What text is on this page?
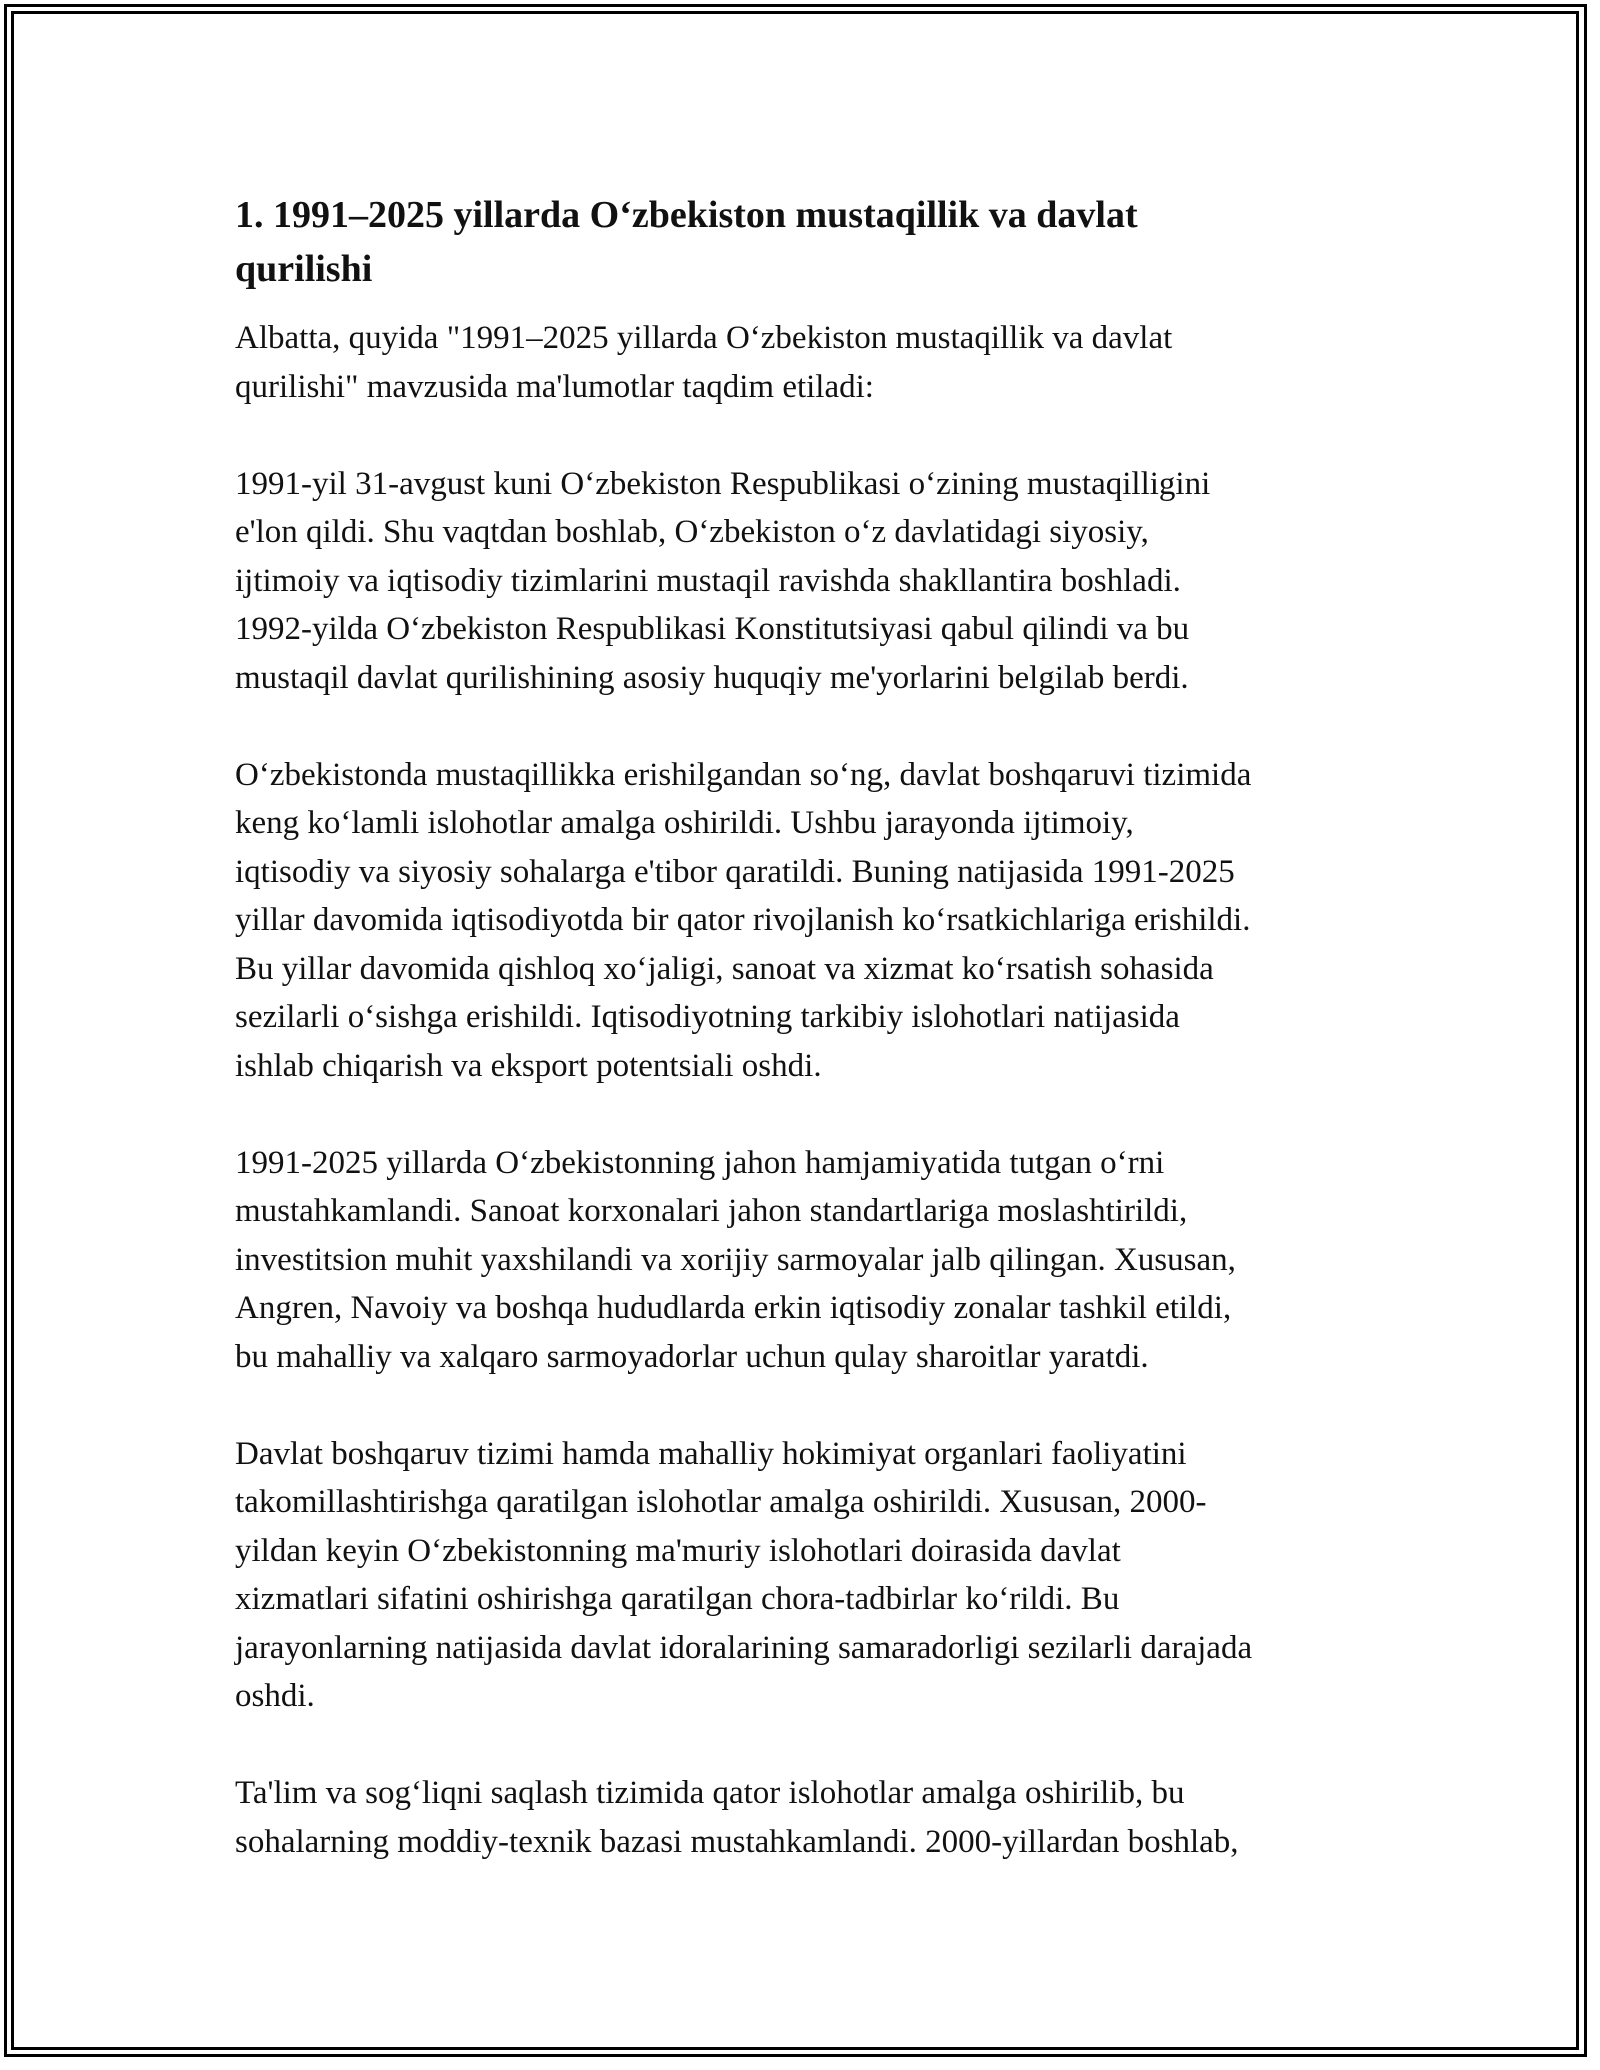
1. 1991–2025 yillarda O‘zbekiston mustaqillik va davlat
qurilishi

Albatta, quyida "1991–2025 yillarda O‘zbekiston mustaqillik va davlat
qurilishi" mavzusida ma'lumotlar taqdim etiladi:

1991-yil 31-avgust kuni O‘zbekiston Respublikasi o‘zining mustaqilligini
e'lon qildi. Shu vaqtdan boshlab, O‘zbekiston o‘z davlatidagi siyosiy,
ijtimoiy va iqtisodiy tizimlarini mustaqil ravishda shakllantira boshladi.
1992-yilda O‘zbekiston Respublikasi Konstitutsiyasi qabul qilindi va bu
mustaqil davlat qurilishining asosiy huquqiy me'yorlarini belgilab berdi.

O‘zbekistonda mustaqillikka erishilgandan so‘ng, davlat boshqaruvi tizimida
keng ko‘lamli islohotlar amalga oshirildi. Ushbu jarayonda ijtimoiy,
iqtisodiy va siyosiy sohalarga e'tibor qaratildi. Buning natijasida 1991-2025
yillar davomida iqtisodiyotda bir qator rivojlanish ko‘rsatkichlariga erishildi.
Bu yillar davomida qishloq xo‘jaligi, sanoat va xizmat ko‘rsatish sohasida
sezilarli o‘sishga erishildi. Iqtisodiyotning tarkibiy islohotlari natijasida
ishlab chiqarish va eksport potentsiali oshdi.

1991-2025 yillarda O‘zbekistonning jahon hamjamiyatida tutgan o‘rni
mustahkamlandi. Sanoat korxonalari jahon standartlariga moslashtirildi,
investitsion muhit yaxshilandi va xorijiy sarmoyalar jalb qilingan. Xususan,
Angren, Navoiy va boshqa hududlarda erkin iqtisodiy zonalar tashkil etildi,
bu mahalliy va xalqaro sarmoyadorlar uchun qulay sharoitlar yaratdi.

Davlat boshqaruv tizimi hamda mahalliy hokimiyat organlari faoliyatini
takomillashtirishga qaratilgan islohotlar amalga oshirildi. Xususan, 2000-
yildan keyin O‘zbekistonning ma'muriy islohotlari doirasida davlat
xizmatlari sifatini oshirishga qaratilgan chora-tadbirlar ko‘rildi. Bu
jarayonlarning natijasida davlat idoralarining samaradorligi sezilarli darajada
oshdi.

Ta'lim va sog‘liqni saqlash tizimida qator islohotlar amalga oshirilib, bu
sohalarning moddiy-texnik bazasi mustahkamlandi. 2000-yillardan boshlab,
